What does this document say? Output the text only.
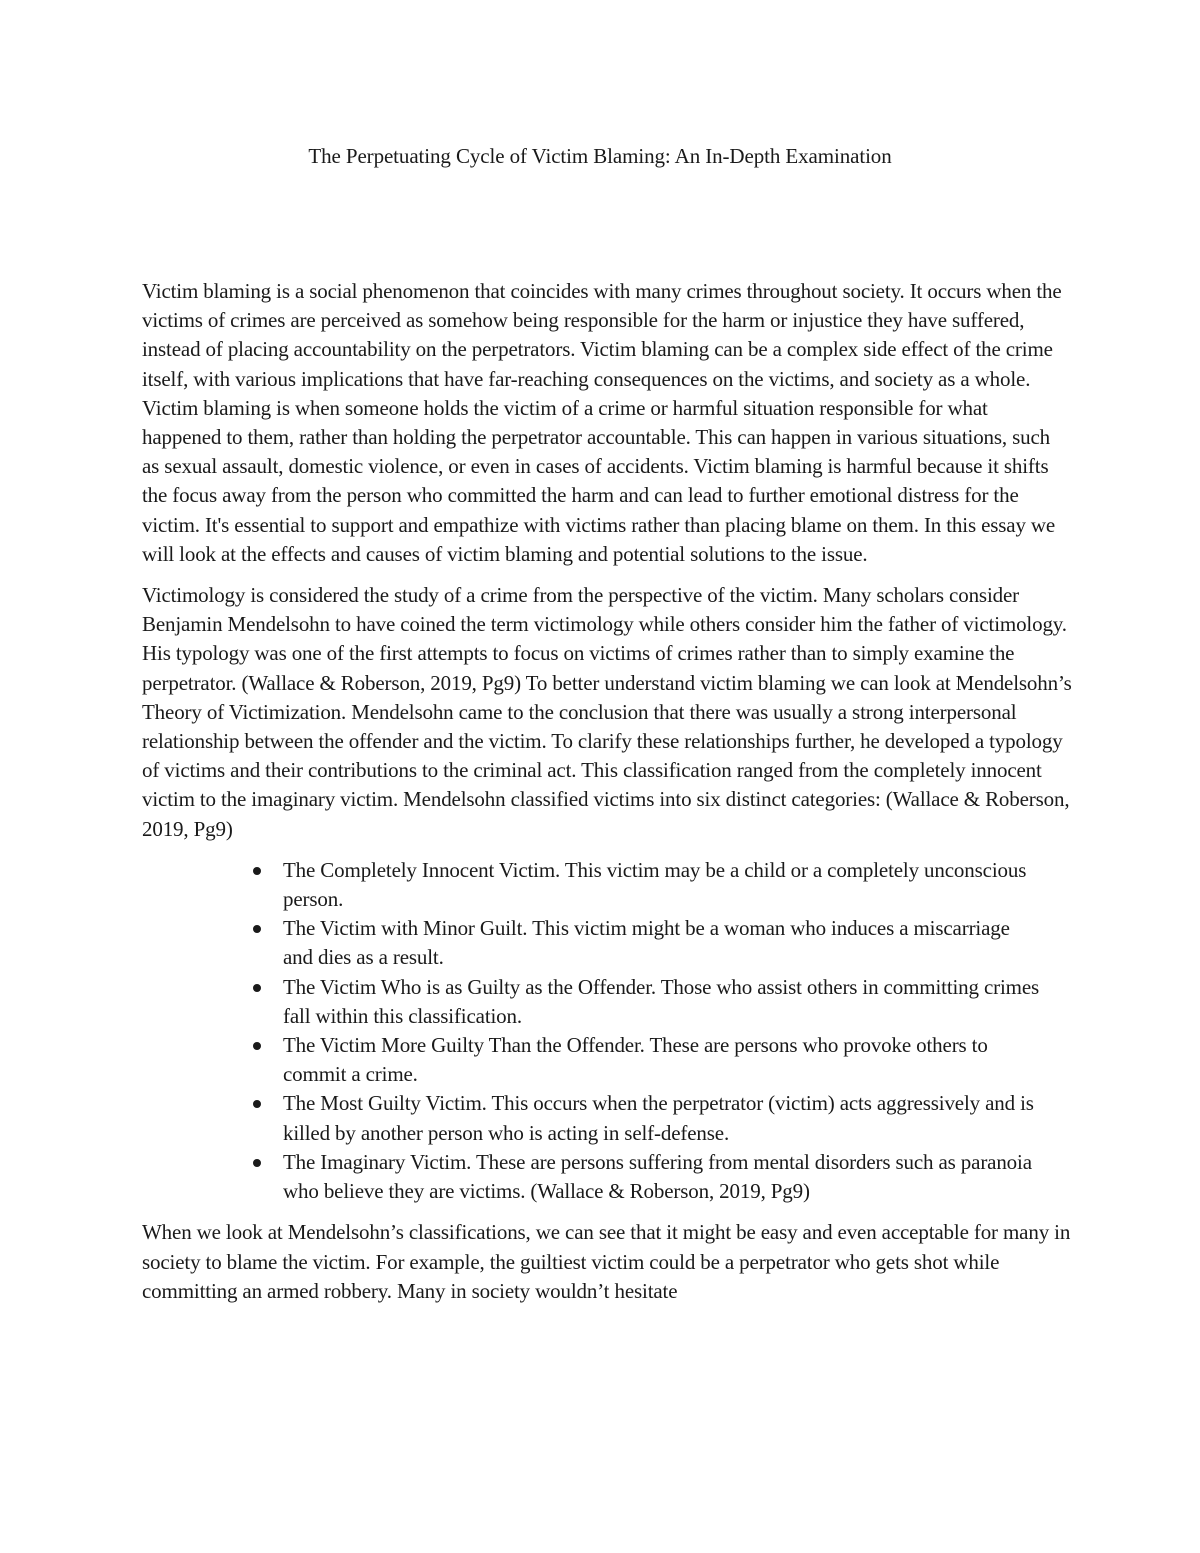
The Perpetuating Cycle of Victim Blaming: An In-Depth Examination

Victim blaming is a social phenomenon that coincides with many crimes throughout society. It occurs when the victims of crimes are perceived as somehow being responsible for the harm or injustice they have suffered, instead of placing accountability on the perpetrators. Victim blaming can be a complex side effect of the crime itself, with various implications that have far-reaching consequences on the victims, and society as a whole. Victim blaming is when someone holds the victim of a crime or harmful situation responsible for what happened to them, rather than holding the perpetrator accountable. This can happen in various situations, such as sexual assault, domestic violence, or even in cases of accidents. Victim blaming is harmful because it shifts the focus away from the person who committed the harm and can lead to further emotional distress for the victim. It's essential to support and empathize with victims rather than placing blame on them. In this essay we will look at the effects and causes of victim blaming and potential solutions to the issue.

Victimology is considered the study of a crime from the perspective of the victim. Many scholars consider Benjamin Mendelsohn to have coined the term victimology while others consider him the father of victimology. His typology was one of the first attempts to focus on victims of crimes rather than to simply examine the perpetrator. (Wallace & Roberson, 2019, Pg9) To better understand victim blaming we can look at Mendelsohn’s Theory of Victimization. Mendelsohn came to the conclusion that there was usually a strong interpersonal relationship between the offender and the victim. To clarify these relationships further, he developed a typology of victims and their contributions to the criminal act. This classification ranged from the completely innocent victim to the imaginary victim. Mendelsohn classified victims into six distinct categories: (Wallace & Roberson, 2019, Pg9)

The Completely Innocent Victim. This victim may be a child or a completely unconscious person.
The Victim with Minor Guilt. This victim might be a woman who induces a miscarriage and dies as a result.
The Victim Who is as Guilty as the Offender. Those who assist others in committing crimes fall within this classification.
The Victim More Guilty Than the Offender. These are persons who provoke others to commit a crime.
The Most Guilty Victim. This occurs when the perpetrator (victim) acts aggressively and is killed by another person who is acting in self-defense.
The Imaginary Victim. These are persons suffering from mental disorders such as paranoia who believe they are victims. (Wallace & Roberson, 2019, Pg9)

When we look at Mendelsohn’s classifications, we can see that it might be easy and even acceptable for many in society to blame the victim. For example, the guiltiest victim could be a perpetrator who gets shot while committing an armed robbery. Many in society wouldn’t hesitate
